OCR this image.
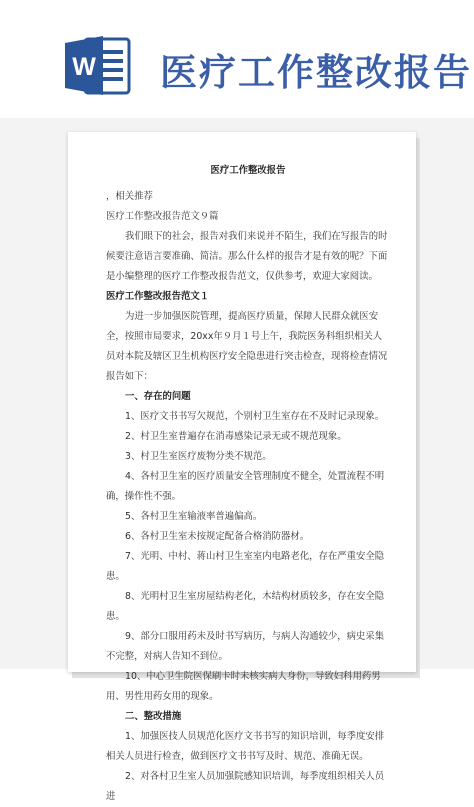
W 医疗工作整改报告

医疗工作整改报告

，相关推荐

医疗工作整改报告范文９篇

我们眼下的社会，报告对我们来说并不陌生，我们在写报告的时候要注意语言要准确、简洁。那么什么样的报告才是有效的呢？下面是小编整理的医疗工作整改报告范文，仅供参考，欢迎大家阅读。

医疗工作整改报告范文１

为进一步加强医院管理，提高医疗质量，保障人民群众就医安全，按照市局要求，20xx年９月１号上午，我院医务科组织相关人员对本院及辖区卫生机构医疗安全隐患进行突击检查，现将检查情况报告如下：

一、存在的问题

1、医疗文书书写欠规范，个别村卫生室存在不及时记录现象。

2、村卫生室普遍存在消毒感染记录无或不规范现象。

3、村卫生室医疗废物分类不规范。

4、各村卫生室的医疗质量安全管理制度不健全，处置流程不明确，操作性不强。

5、各村卫生室输液率普遍偏高。

6、各村卫生室未按规定配备合格消防器材。

7、光明、中村、蒋山村卫生室室内电路老化，存在严重安全隐患。

8、光明村卫生室房屋结构老化，木结构材质较多，存在安全隐患。

9、部分口服用药未及时书写病历，与病人沟通较少，病史采集不完整，对病人告知不到位。

10、中心卫生院医保刷卡时未核实病人身份，导致妇科用药男用、男性用药女用的现象。

二、整改措施

1、加强医技人员规范化医疗文书书写的知识培训，每季度安排相关人员进行检查，做到医疗文书书写及时、规范、准确无误。

2、对各村卫生室人员加强院感知识培训，每季度组织相关人员进
